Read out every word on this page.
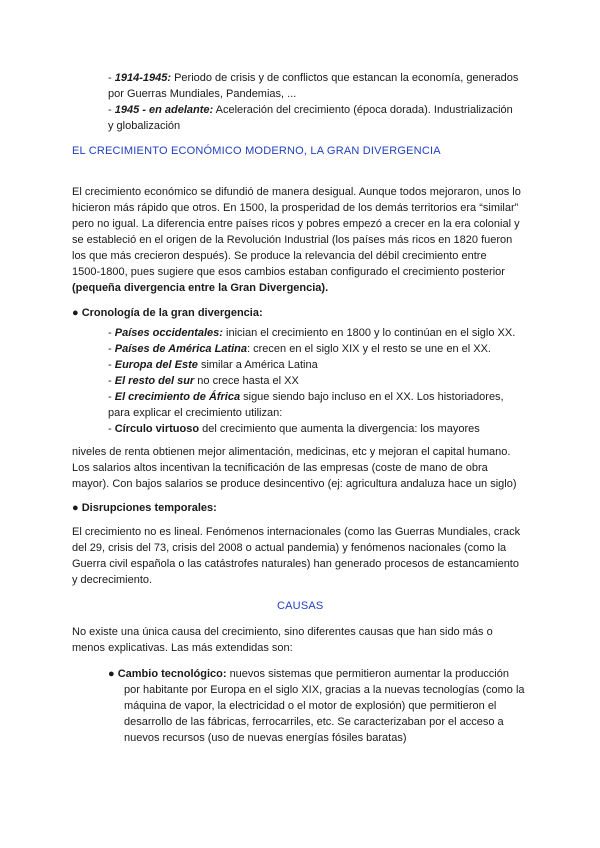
- 1914-1945: Periodo de crisis y de conflictos que estancan la economía, generados
por Guerras Mundiales, Pandemias, ...
- 1945 - en adelante: Aceleración del crecimiento (época dorada). Industrialización
y globalización
EL CRECIMIENTO ECONÓMICO MODERNO, LA GRAN DIVERGENCIA
El crecimiento económico se difundió de manera desigual. Aunque todos mejoraron, unos lo
hicieron más rápido que otros. En 1500, la prosperidad de los demás territorios era “similar”
pero no igual. La diferencia entre países ricos y pobres empezó a crecer en la era colonial y
se estableció en el origen de la Revolución Industrial (los países más ricos en 1820 fueron
los que más crecieron después). Se produce la relevancia del débil crecimiento entre
1500-1800, pues sugiere que esos cambios estaban configurado el crecimiento posterior
(pequeña divergencia entre la Gran Divergencia).
● Cronología de la gran divergencia:
- Países occidentales: inician el crecimiento en 1800 y lo continúan en el siglo XX.
- Países de América Latina: crecen en el siglo XIX y el resto se une en el XX.
- Europa del Este similar a América Latina
- El resto del sur no crece hasta el XX
- El crecimiento de África sigue siendo bajo incluso en el XX. Los historiadores,
para explicar el crecimiento utilizan:
- Círculo virtuoso del crecimiento que aumenta la divergencia: los mayores
niveles de renta obtienen mejor alimentación, medicinas, etc y mejoran el capital humano.
Los salarios altos incentivan la tecnificación de las empresas (coste de mano de obra
mayor). Con bajos salarios se produce desincentivo (ej: agricultura andaluza hace un siglo)
● Disrupciones temporales:
El crecimiento no es lineal. Fenómenos internacionales (como las Guerras Mundiales, crack
del 29, crisis del 73, crisis del 2008 o actual pandemia) y fenómenos nacionales (como la
Guerra civil española o las catástrofes naturales) han generado procesos de estancamiento
y decrecimiento.
CAUSAS
No existe una única causa del crecimiento, sino diferentes causas que han sido más o
menos explicativas. Las más extendidas son:
● Cambio tecnológico: nuevos sistemas que permitieron aumentar la producción
por habitante por Europa en el siglo XIX, gracias a la nuevas tecnologías (como la
máquina de vapor, la electricidad o el motor de explosión) que permitieron el
desarrollo de las fábricas, ferrocarriles, etc. Se caracterizaban por el acceso a
nuevos recursos (uso de nuevas energías fósiles baratas)
